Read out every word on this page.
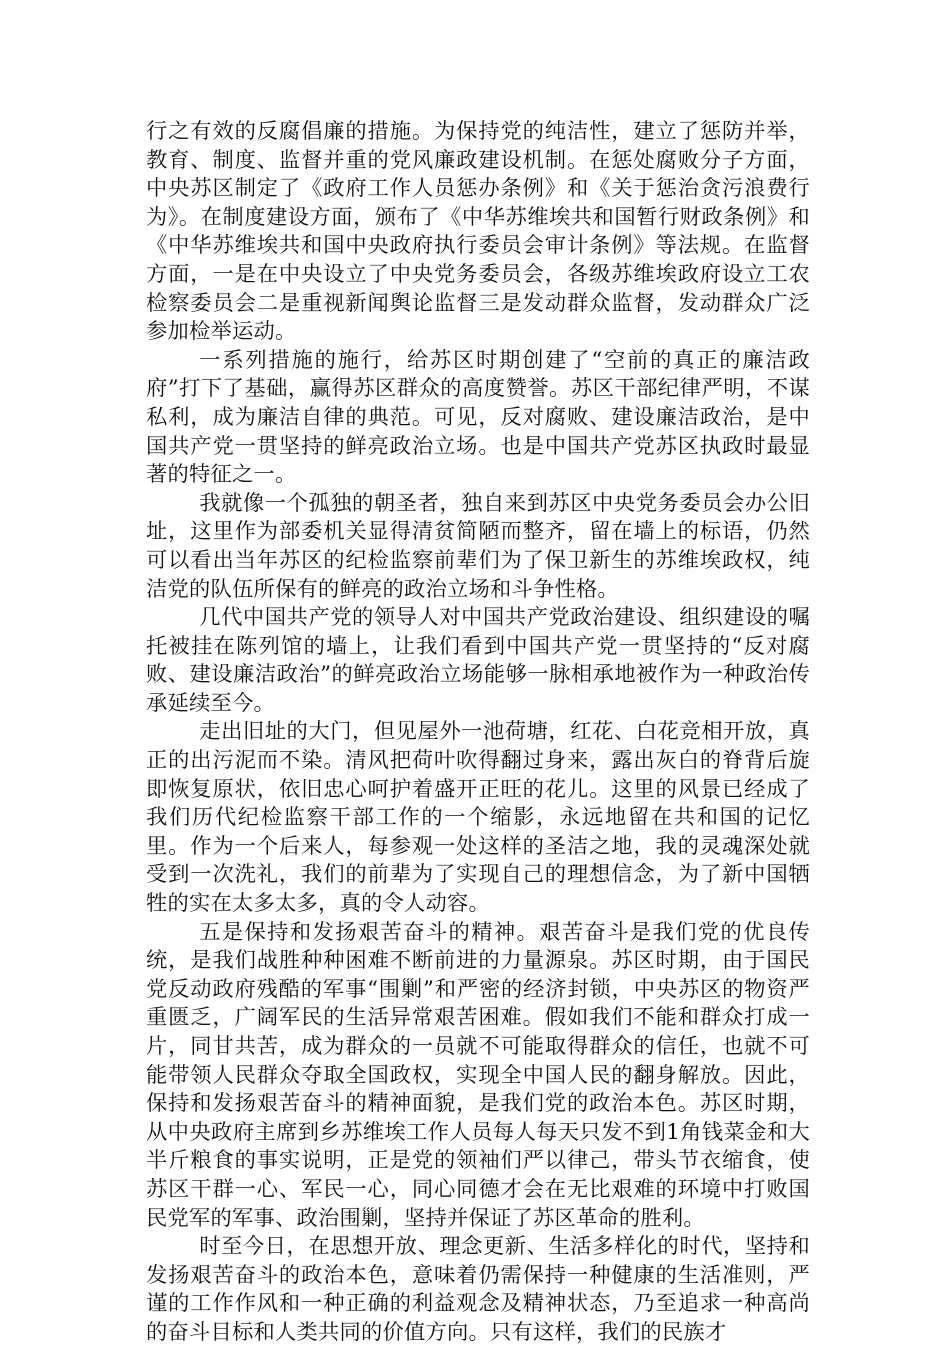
行之有效的反腐倡廉的措施。为保持党的纯洁性，建立了惩防并举，教育、制度、监督并重的党风廉政建设机制。在惩处腐败分子方面，中央苏区制定了《政府工作人员惩办条例》和《关于惩治贪污浪费行为》。在制度建设方面，颁布了《中华苏维埃共和国暂行财政条例》和《中华苏维埃共和国中央政府执行委员会审计条例》等法规。在监督方面，一是在中央设立了中央党务委员会，各级苏维埃政府设立工农检察委员会二是重视新闻舆论监督三是发动群众监督，发动群众广泛参加检举运动。

一系列措施的施行，给苏区时期创建了“空前的真正的廉洁政府”打下了基础，赢得苏区群众的高度赞誉。苏区干部纪律严明，不谋私利，成为廉洁自律的典范。可见，反对腐败、建设廉洁政治，是中国共产党一贯坚持的鲜亮政治立场。也是中国共产党苏区执政时最显著的特征之一。

我就像一个孤独的朝圣者，独自来到苏区中央党务委员会办公旧址，这里作为部委机关显得清贫简陋而整齐，留在墙上的标语，仍然可以看出当年苏区的纪检监察前辈们为了保卫新生的苏维埃政权，纯洁党的队伍所保有的鲜亮的政治立场和斗争性格。

几代中国共产党的领导人对中国共产党政治建设、组织建设的嘱托被挂在陈列馆的墙上，让我们看到中国共产党一贯坚持的“反对腐败、建设廉洁政治”的鲜亮政治立场能够一脉相承地被作为一种政治传承延续至今。

走出旧址的大门，但见屋外一池荷塘，红花、白花竞相开放，真正的出污泥而不染。清风把荷叶吹得翻过身来，露出灰白的脊背后旋即恢复原状，依旧忠心呵护着盛开正旺的花儿。这里的风景已经成了我们历代纪检监察干部工作的一个缩影，永远地留在共和国的记忆里。作为一个后来人，每参观一处这样的圣洁之地，我的灵魂深处就受到一次洗礼，我们的前辈为了实现自己的理想信念，为了新中国牺牲的实在太多太多，真的令人动容。

五是保持和发扬艰苦奋斗的精神。艰苦奋斗是我们党的优良传统，是我们战胜种种困难不断前进的力量源泉。苏区时期，由于国民党反动政府残酷的军事“围剿”和严密的经济封锁，中央苏区的物资严重匮乏，广阔军民的生活异常艰苦困难。假如我们不能和群众打成一片，同甘共苦，成为群众的一员就不可能取得群众的信任，也就不可能带领人民群众夺取全国政权，实现全中国人民的翻身解放。因此，保持和发扬艰苦奋斗的精神面貌，是我们党的政治本色。苏区时期，从中央政府主席到乡苏维埃工作人员每人每天只发不到1角钱菜金和大半斤粮食的事实说明，正是党的领袖们严以律己，带头节衣缩食，使苏区干群一心、军民一心，同心同德才会在无比艰难的环境中打败国民党军的军事、政治围剿，坚持并保证了苏区革命的胜利。

时至今日，在思想开放、理念更新、生活多样化的时代，坚持和发扬艰苦奋斗的政治本色，意味着仍需保持一种健康的生活准则，严谨的工作作风和一种正确的利益观念及精神状态，乃至追求一种高尚的奋斗目标和人类共同的价值方向。只有这样，我们的民族才
